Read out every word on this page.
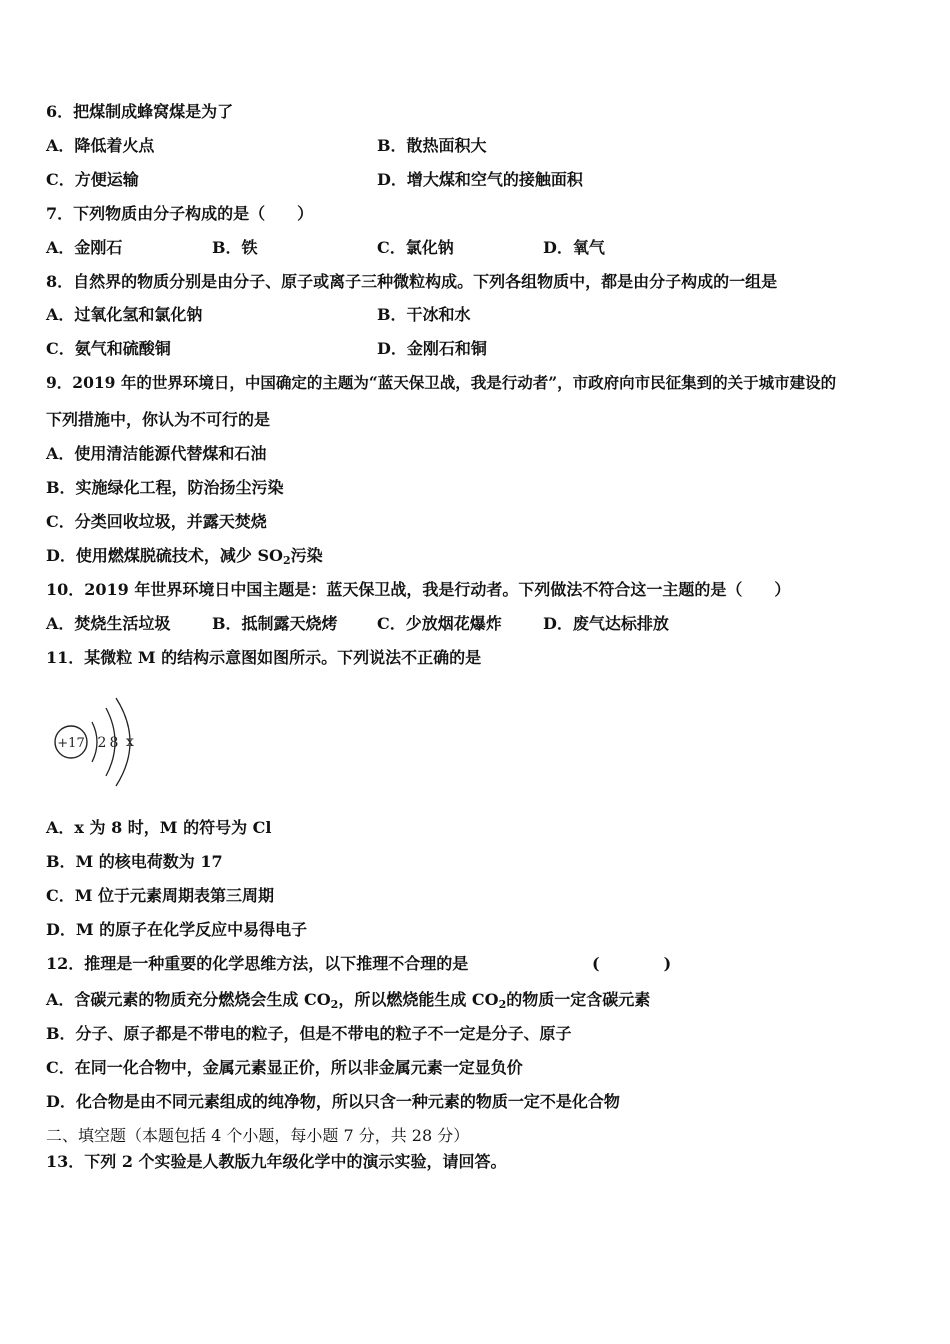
6．把煤制成蜂窝煤是为了
A．降低着火点	B．散热面积大
C．方便运输	D．增大煤和空气的接触面积
7．下列物质由分子构成的是（　　）
A．金刚石	B．铁	C．氯化钠	D．氧气
8．自然界的物质分别是由分子、原子或离子三种微粒构成。下列各组物质中，都是由分子构成的一组是
A．过氧化氢和氯化钠	B．干冰和水
C．氨气和硫酸铜	D．金刚石和铜
9．2019 年的世界环境日，中国确定的主题为“蓝天保卫战，我是行动者”，市政府向市民征集到的关于城市建设的
下列措施中，你认为不可行的是
A．使用清洁能源代替煤和石油
B．实施绿化工程，防治扬尘污染
C．分类回收垃圾，并露天焚烧
D．使用燃煤脱硫技术，减少 $SO_2$污染
10．2019 年世界环境日中国主题是：蓝天保卫战，我是行动者。下列做法不符合这一主题的是（　　）
A．焚烧生活垃圾	B．抵制露天烧烤 C．少放烟花爆炸	D．废气达标排放
11．某微粒 M 的结构示意图如图所示。下列说法不正确的是
+17 2 8 x
A．x 为 8 时，M 的符号为 Cl
B．M 的核电荷数为 17
C．M 位于元素周期表第三周期
D．M 的原子在化学反应中易得电子
12．推理是一种重要的化学思维方法，以下推理不合理的是	(　　　　)
A．含碳元素的物质充分燃烧会生成 $CO_2$，所以燃烧能生成 $CO_2$的物质一定含碳元素
B．分子、原子都是不带电的粒子，但是不带电的粒子不一定是分子、原子
C．在同一化合物中，金属元素显正价，所以非金属元素一定显负价
D．化合物是由不同元素组成的纯净物，所以只含一种元素的物质一定不是化合物
二、填空题（本题包括 4 个小题，每小题 7 分，共 28 分）
13．下列 2 个实验是人教版九年级化学中的演示实验，请回答。
